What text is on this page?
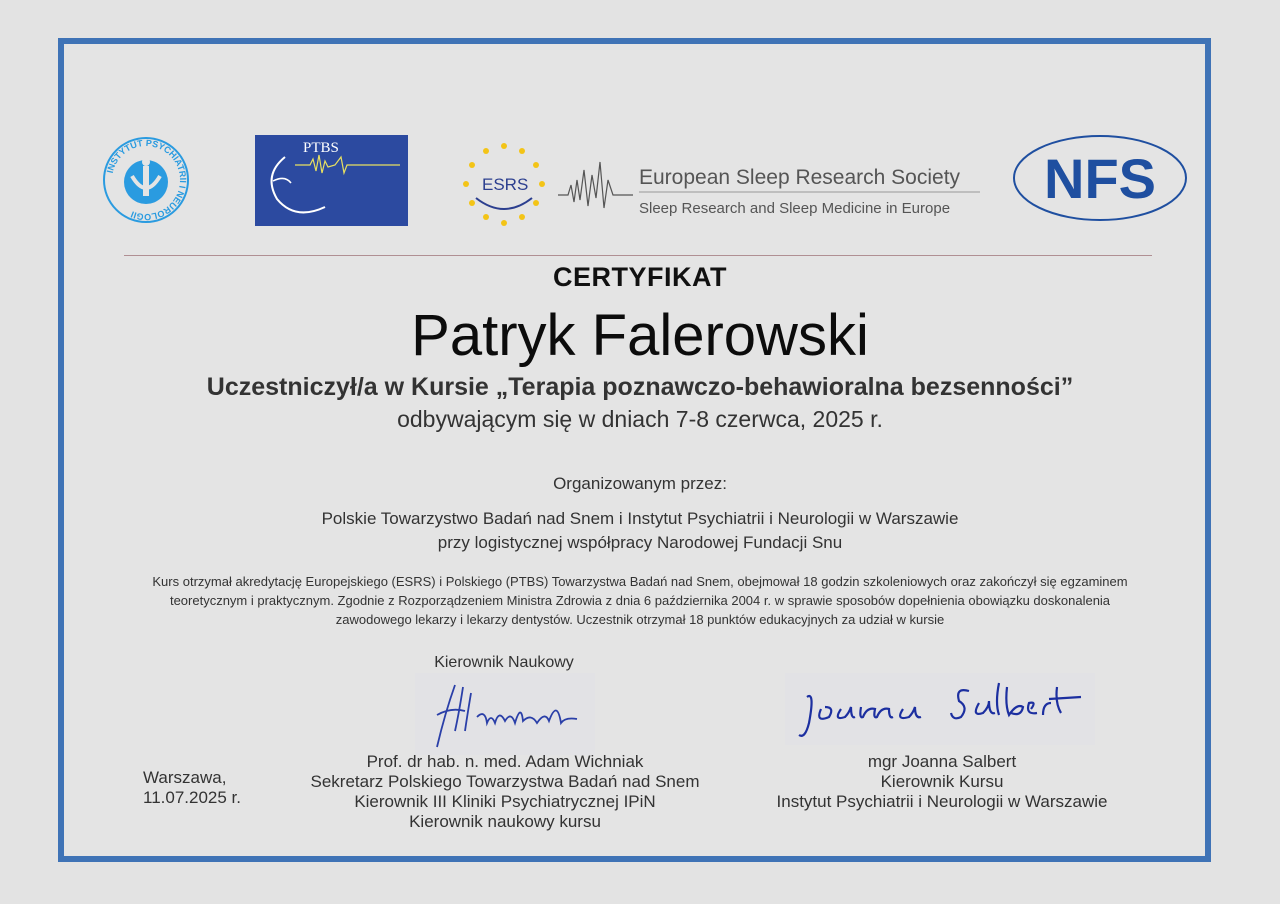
INSTYTUT PSYCHIATRII I NEUROLOGII
PTBS
ESRS	European Sleep Research Society
Sleep Research and Sleep Medicine in Europe NFS
CERTYFIKAT
Patryk Falerowski
Uczestniczył/a w Kursie „Terapia poznawczo-behawioralna bezsenności”
odbywającym się w dniach 7-8 czerwca, 2025 r.
Organizowanym przez:
Polskie Towarzystwo Badań nad Snem i Instytut Psychiatrii i Neurologii w Warszawie
przy logistycznej współpracy Narodowej Fundacji Snu
Kurs otrzymał akredytację Europejskiego (ESRS) i Polskiego (PTBS) Towarzystwa Badań nad Snem, obejmował 18 godzin szkoleniowych oraz zakończył się egzaminem
teoretycznym i praktycznym. Zgodnie z Rozporządzeniem Ministra Zdrowia z dnia 6 października 2004 r. w sprawie sposobów dopełnienia obowiązku doskonalenia
zawodowego lekarzy i lekarzy dentystów. Uczestnik otrzymał 18 punktów edukacyjnych za udział w kursie
Kierownik Naukowy
Prof. dr hab. n. med. Adam Wichniak
Sekretarz Polskiego Towarzystwa Badań nad Snem
Kierownik III Kliniki Psychiatrycznej IPiN
Kierownik naukowy kursu
mgr Joanna Salbert
Kierownik Kursu
Instytut Psychiatrii i Neurologii w Warszawie
Warszawa,
11.07.2025 r.
